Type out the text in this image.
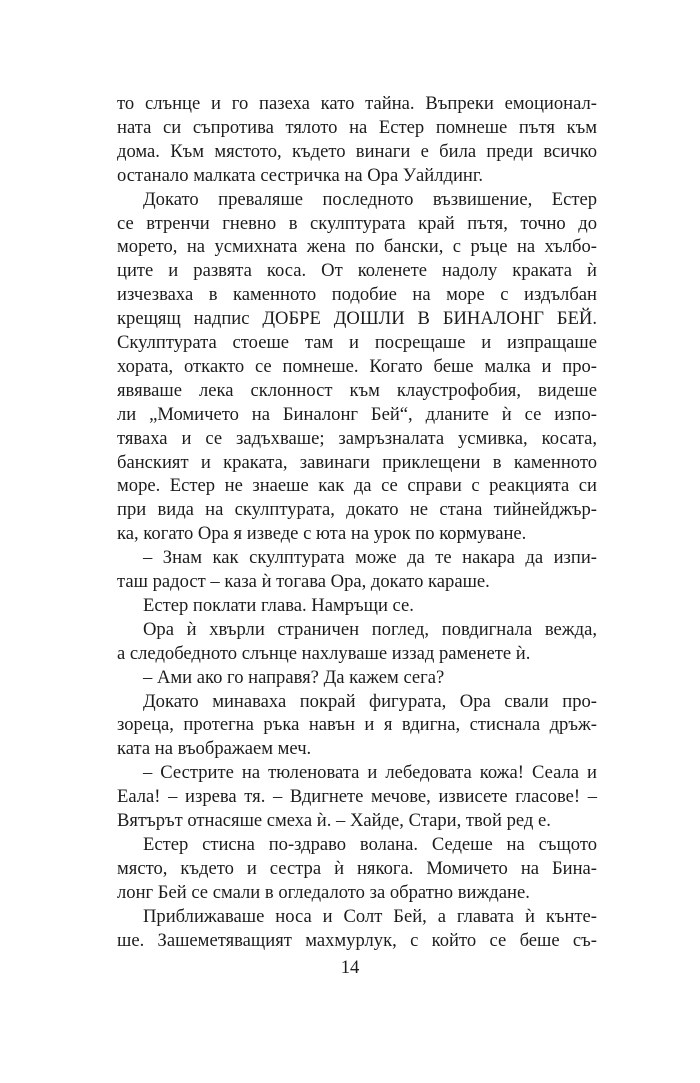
то слънце и го пазеха като тайна. Въпреки емоционал-
ната си съпротива тялото на Естер помнеше пътя към
дома. Към мястото, където винаги е била преди всичко
останало малката сестричка на Ора Уайлдинг.
Докато преваляше последното възвишение, Естер
се втренчи гневно в скулптурата край пътя, точно до
морето, на усмихната жена по бански, с ръце на хълбо-
ците и развята коса. От коленете надолу краката ѝ
изчезваха в каменното подобие на море с издълбан
крещящ надпис ДОБРЕ ДОШЛИ В БИНАЛОНГ БЕЙ.
Скулптурата стоеше там и посрещаше и изпращаше
хората, откакто се помнеше. Когато беше малка и про-
явяваше лека склонност към клаустрофобия, видеше
ли „Момичето на Биналонг Бей“, дланите ѝ се изпо-
тяваха и се задъхваше; замръзналата усмивка, косата,
банският и краката, завинаги приклещени в каменното
море. Естер не знаеше как да се справи с реакцията си
при вида на скулптурата, докато не стана тийнейджър-
ка, когато Ора я изведе с юта на урок по кормуване.
– Знам как скулптурата може да те накара да изпи-
таш радост – каза ѝ тогава Ора, докато караше.
Естер поклати глава. Намръщи се.
Ора ѝ хвърли страничен поглед, повдигнала вежда,
а следобедното слънце нахлуваше иззад раменете ѝ.
– Ами ако го направя? Да кажем сега?
Докато минаваха покрай фигурата, Ора свали про-
зореца, протегна ръка навън и я вдигна, стиснала дръж-
ката на въображаем меч.
– Сестрите на тюленовата и лебедовата кожа! Сеала и
Еала! – изрева тя. – Вдигнете мечове, извисете гласове! –
Вятърът отнасяше смеха ѝ. – Хайде, Стари, твой ред е.
Естер стисна по-здраво волана. Седеше на същото
място, където и сестра ѝ някога. Момичето на Бина-
лонг Бей се смали в огледалото за обратно виждане.
Приближаваше носа и Солт Бей, а главата ѝ кънте-
ше. Зашеметяващият махмурлук, с който се беше съ-
14
